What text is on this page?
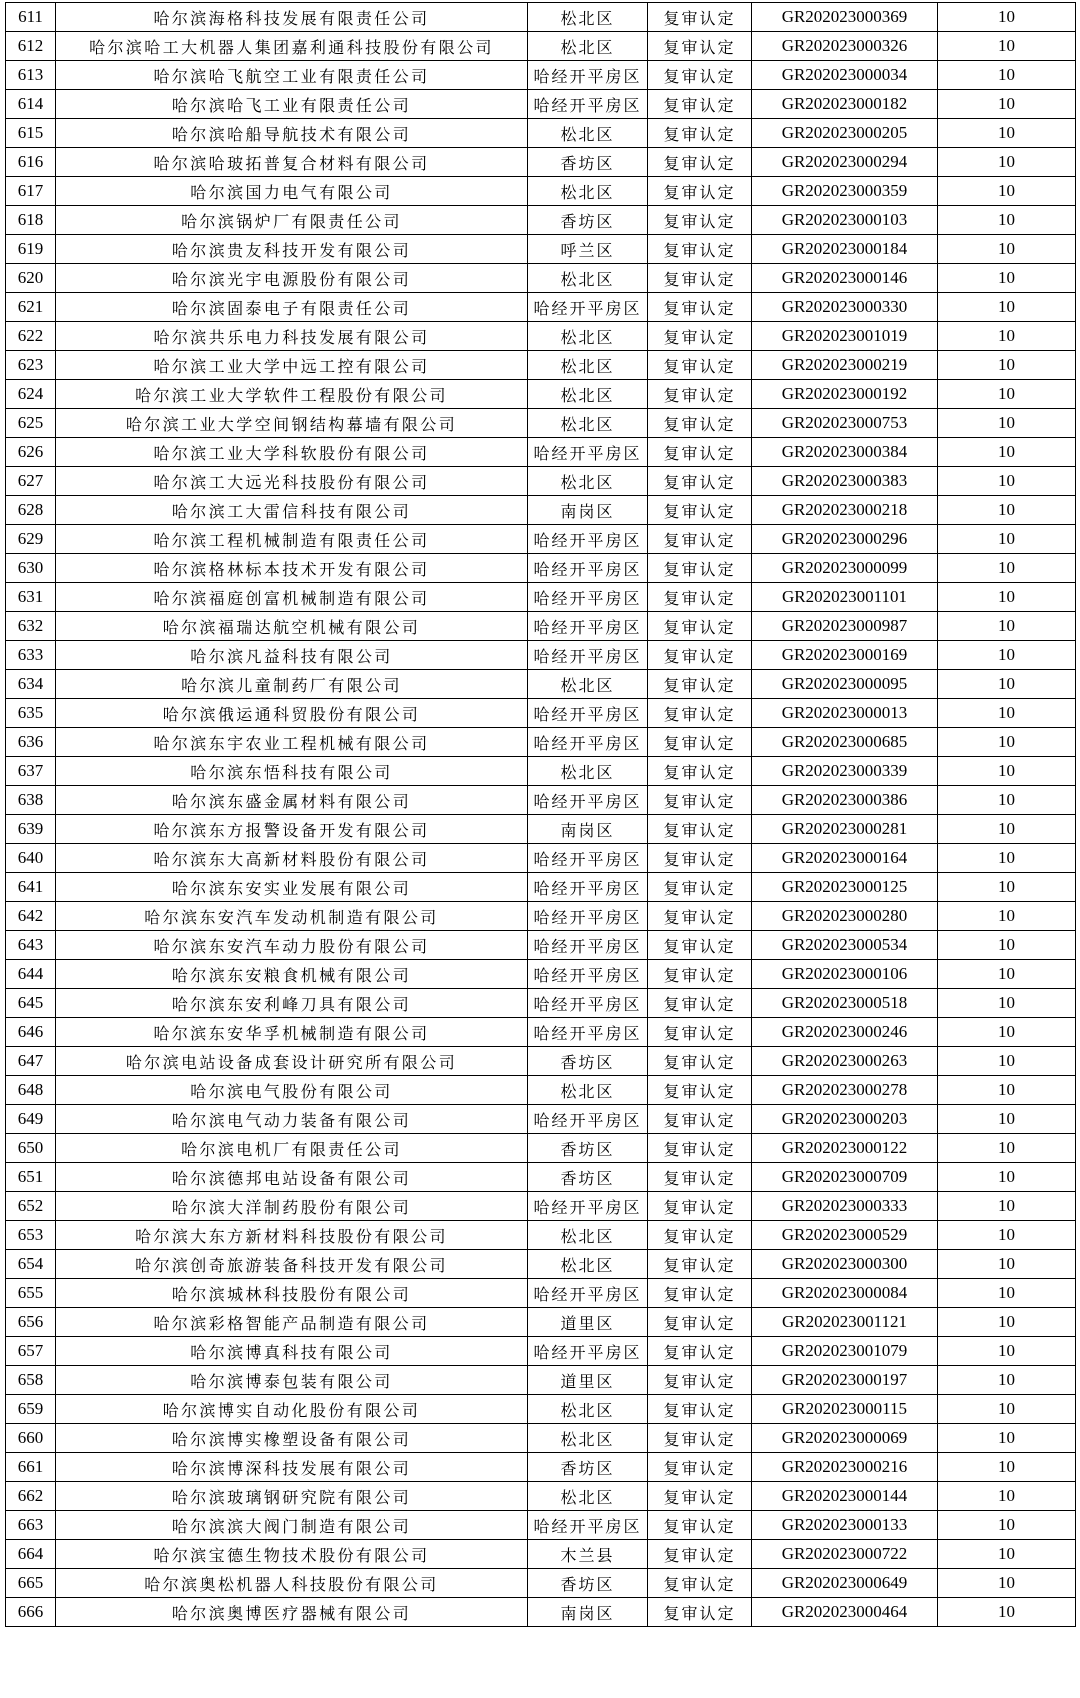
611	哈尔滨海格科技发展有限责任公司	松北区	复审认定	GR202023000369	10
612	哈尔滨哈工大机器人集团嘉利通科技股份有限公司	松北区	复审认定	GR202023000326	10
613	哈尔滨哈飞航空工业有限责任公司	哈经开平房区	复审认定	GR202023000034	10
614	哈尔滨哈飞工业有限责任公司	哈经开平房区	复审认定	GR202023000182	10
615	哈尔滨哈船导航技术有限公司	松北区	复审认定	GR202023000205	10
616	哈尔滨哈玻拓普复合材料有限公司	香坊区	复审认定	GR202023000294	10
617	哈尔滨国力电气有限公司	松北区	复审认定	GR202023000359	10
618	哈尔滨锅炉厂有限责任公司	香坊区	复审认定	GR202023000103	10
619	哈尔滨贵友科技开发有限公司	呼兰区	复审认定	GR202023000184	10
620	哈尔滨光宇电源股份有限公司	松北区	复审认定	GR202023000146	10
621	哈尔滨固泰电子有限责任公司	哈经开平房区	复审认定	GR202023000330	10
622	哈尔滨共乐电力科技发展有限公司	松北区	复审认定	GR202023001019	10
623	哈尔滨工业大学中远工控有限公司	松北区	复审认定	GR202023000219	10
624	哈尔滨工业大学软件工程股份有限公司	松北区	复审认定	GR202023000192	10
625	哈尔滨工业大学空间钢结构幕墙有限公司	松北区	复审认定	GR202023000753	10
626	哈尔滨工业大学科软股份有限公司	哈经开平房区	复审认定	GR202023000384	10
627	哈尔滨工大远光科技股份有限公司	松北区	复审认定	GR202023000383	10
628	哈尔滨工大雷信科技有限公司	南岗区	复审认定	GR202023000218	10
629	哈尔滨工程机械制造有限责任公司	哈经开平房区	复审认定	GR202023000296	10
630	哈尔滨格林标本技术开发有限公司	哈经开平房区	复审认定	GR202023000099	10
631	哈尔滨福庭创富机械制造有限公司	哈经开平房区	复审认定	GR202023001101	10
632	哈尔滨福瑞达航空机械有限公司	哈经开平房区	复审认定	GR202023000987	10
633	哈尔滨凡益科技有限公司	哈经开平房区	复审认定	GR202023000169	10
634	哈尔滨儿童制药厂有限公司	松北区	复审认定	GR202023000095	10
635	哈尔滨俄运通科贸股份有限公司	哈经开平房区	复审认定	GR202023000013	10
636	哈尔滨东宇农业工程机械有限公司	哈经开平房区	复审认定	GR202023000685	10
637	哈尔滨东悟科技有限公司	松北区	复审认定	GR202023000339	10
638	哈尔滨东盛金属材料有限公司	哈经开平房区	复审认定	GR202023000386	10
639	哈尔滨东方报警设备开发有限公司	南岗区	复审认定	GR202023000281	10
640	哈尔滨东大高新材料股份有限公司	哈经开平房区	复审认定	GR202023000164	10
641	哈尔滨东安实业发展有限公司	哈经开平房区	复审认定	GR202023000125	10
642	哈尔滨东安汽车发动机制造有限公司	哈经开平房区	复审认定	GR202023000280	10
643	哈尔滨东安汽车动力股份有限公司	哈经开平房区	复审认定	GR202023000534	10
644	哈尔滨东安粮食机械有限公司	哈经开平房区	复审认定	GR202023000106	10
645	哈尔滨东安利峰刀具有限公司	哈经开平房区	复审认定	GR202023000518	10
646	哈尔滨东安华孚机械制造有限公司	哈经开平房区	复审认定	GR202023000246	10
647	哈尔滨电站设备成套设计研究所有限公司	香坊区	复审认定	GR202023000263	10
648	哈尔滨电气股份有限公司	松北区	复审认定	GR202023000278	10
649	哈尔滨电气动力装备有限公司	哈经开平房区	复审认定	GR202023000203	10
650	哈尔滨电机厂有限责任公司	香坊区	复审认定	GR202023000122	10
651	哈尔滨德邦电站设备有限公司	香坊区	复审认定	GR202023000709	10
652	哈尔滨大洋制药股份有限公司	哈经开平房区	复审认定	GR202023000333	10
653	哈尔滨大东方新材料科技股份有限公司	松北区	复审认定	GR202023000529	10
654	哈尔滨创奇旅游装备科技开发有限公司	松北区	复审认定	GR202023000300	10
655	哈尔滨城林科技股份有限公司	哈经开平房区	复审认定	GR202023000084	10
656	哈尔滨彩格智能产品制造有限公司	道里区	复审认定	GR202023001121	10
657	哈尔滨博真科技有限公司	哈经开平房区	复审认定	GR202023001079	10
658	哈尔滨博泰包装有限公司	道里区	复审认定	GR202023000197	10
659	哈尔滨博实自动化股份有限公司	松北区	复审认定	GR202023000115	10
660	哈尔滨博实橡塑设备有限公司	松北区	复审认定	GR202023000069	10
661	哈尔滨博深科技发展有限公司	香坊区	复审认定	GR202023000216	10
662	哈尔滨玻璃钢研究院有限公司	松北区	复审认定	GR202023000144	10
663	哈尔滨滨大阀门制造有限公司	哈经开平房区	复审认定	GR202023000133	10
664	哈尔滨宝德生物技术股份有限公司	木兰县	复审认定	GR202023000722	10
665	哈尔滨奥松机器人科技股份有限公司	香坊区	复审认定	GR202023000649	10
666	哈尔滨奥博医疗器械有限公司	南岗区	复审认定	GR202023000464	10
